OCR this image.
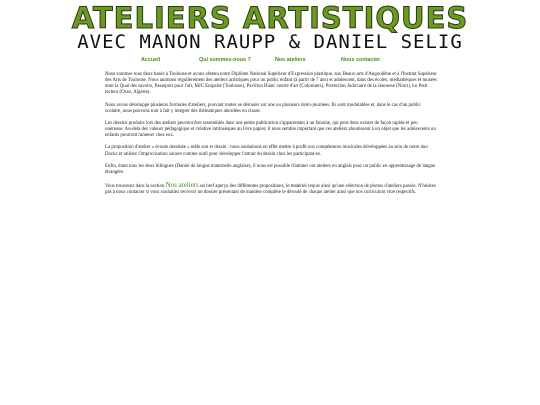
ATELIERS ARTISTIQUES
AVEC MANON RAUPP & DANIEL SELIG
Accueil	Qui sommes-nous ?	Nos ateliers	Nous contacter

Nous sommes tous deux basés à Toulouse et avons obtenu notre Diplôme National Supérieur d'Expression plastique, aux Beaux-arts d'Angoulême et à l'Institut Supérieur des Arts de Toulouse. Nous animons régulièrement des ateliers artistiques pour un public enfant (à partir de 7 ans) et adolescent, dans des écoles, médiathèques et musées dont la Quai des savoirs, Passeport pour l'art, MJC Empalot (Toulouse), Pavillon Blanc centre d'art (Colomiers), Protection Judiciaire de la Jeunesse (Niort), Le Petit lecteur (Oran, Algérie).

Nous avons développé plusieurs formules d'ateliers, pouvant toutes se dérouler sur une ou plusieurs demi-journées. Ils sont modulables et, dans le cas d'un public scolaire, nous pouvons tout à fait y intégrer des thématiques abordées en classe.

Les dessins produits lors des ateliers peuvent être rassemblés dans une petite publication s'apparentant à un fanzine, qui peut donc exister de façon rapide et peu onéreuse. Au-delà des valeurs pédagogique et créative intrinsèques au livre papier, il nous semble important que ces ateliers aboutissent à un objet que les adolescents ou enfants pourront ramener chez eux.

La proposition d'atelier « écoute dessinée » mêle son et dessin : nous souhaitons en effet mettre à profit nos compétences musicales développées au sein de notre duo Docks et utiliser l'improvisation sonore comme outil pour développer l'attrait du dessin chez les participant-es.

Enfin, étant tous les deux bilingues (Daniel de langue maternelle anglaise), il nous est possible d'animer ces ateliers en anglais pour un public en apprentissage de langue étrangère.

Vous trouverez dans la section Nos ateliers un bref aperçu des différentes propositions, le matériel requis ainsi qu'une sélection de photos d'ateliers passés. N'hésitez pas à nous contacter si vous souhaitez recevoir un dossier présentant de manière complète le déroulé de chaque atelier ainsi que nos curriculum vitæ respectifs.
